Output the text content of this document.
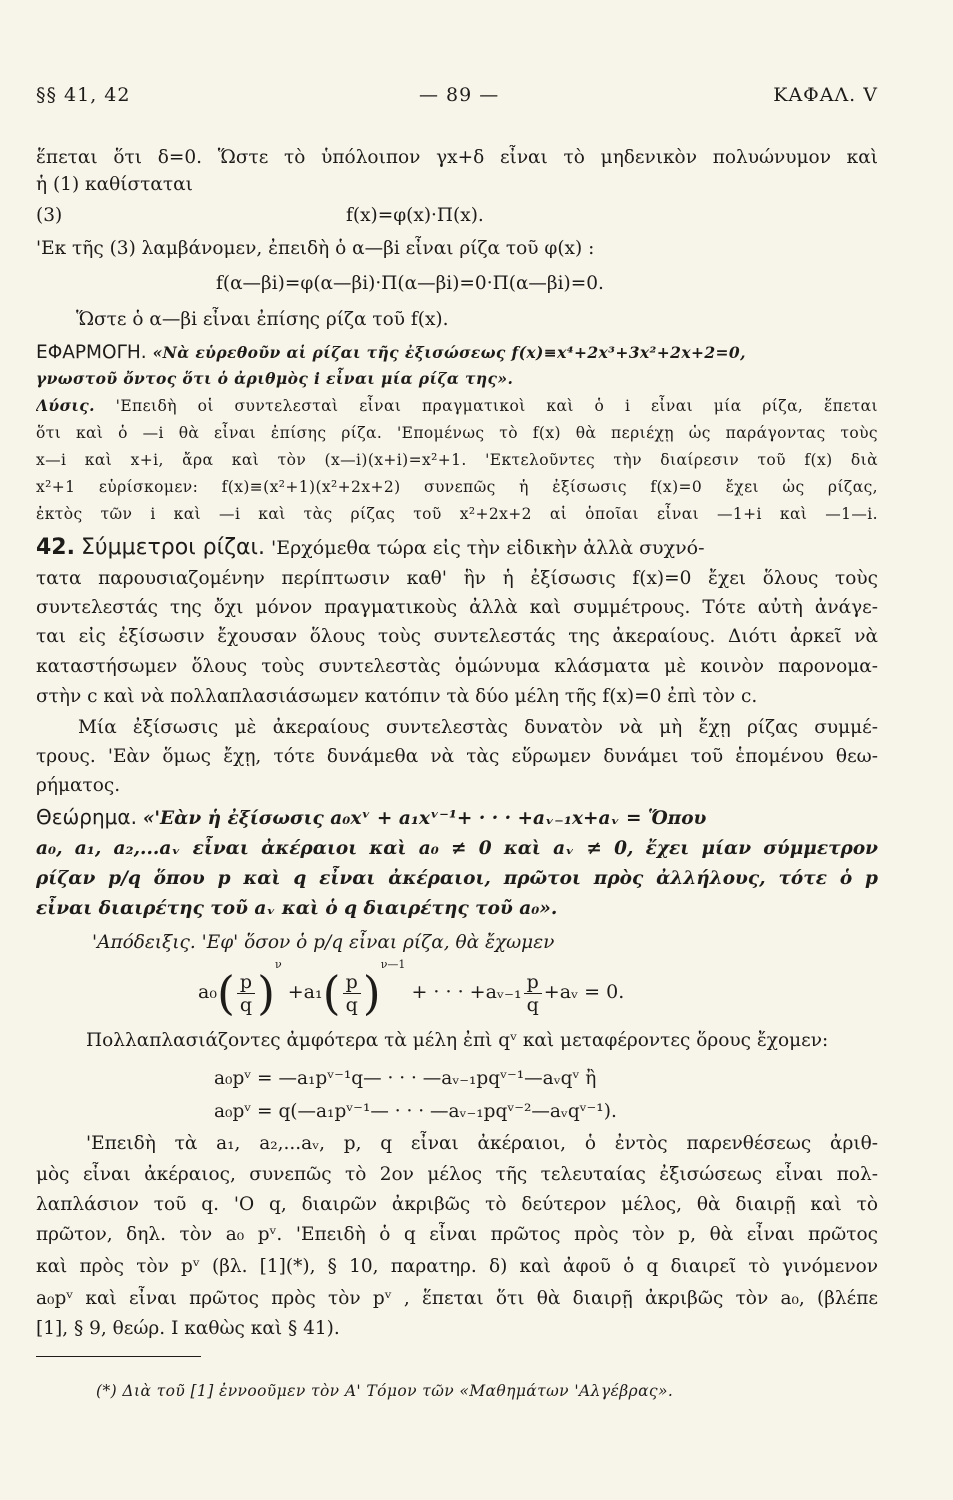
§§ 41, 42	— 89 —	ΚΑΦΑΛ. V
ἕπεται ὅτι δ=0. Ὥστε τὸ ὑπόλοιπον γx+δ εἶναι τὸ μηδενικὸν πολυώνυμον καὶ
ἡ (1) καθίσταται
(3)	f(x)=φ(x)·Π(x).
'Εκ τῆς (3) λαμβάνομεν, ἐπειδὴ ὁ α—βi εἶναι ρίζα τοῦ φ(x) :
f(α—βi)=φ(α—βi)·Π(α—βi)=0·Π(α—βi)=0.
Ὥστε ὁ α—βi εἶναι ἐπίσης ρίζα τοῦ f(x).
ΕΦΑΡΜΟΓΗ. «Νὰ εὑρεθοῦν αἱ ρίζαι τῆς ἐξισώσεως f(x)≡x⁴+2x³+3x²+2x+2=0,
γνωστοῦ ὄντος ὅτι ὁ ἀριθμὸς i εἶναι μία ρίζα της».
Λύσις. 'Επειδὴ οἱ συντελεσταὶ εἶναι πραγματικοὶ καὶ ὁ i εἶναι μία ρίζα, ἕπεται
ὅτι καὶ ὁ —i θὰ εἶναι ἐπίσης ρίζα. 'Επομένως τὸ f(x) θὰ περιέχῃ ὡς παράγοντας τοὺς
x—i καὶ x+i, ἄρα καὶ τὸν (x—i)(x+i)=x²+1. 'Εκτελοῦντες τὴν διαίρεσιν τοῦ f(x) διὰ
x²+1 εὑρίσκομεν: f(x)≡(x²+1)(x²+2x+2) συνεπῶς ἡ ἐξίσωσις f(x)=0 ἔχει ὡς ρίζας,
ἐκτὸς τῶν i καὶ —i καὶ τὰς ρίζας τοῦ x²+2x+2 αἱ ὁποῖαι εἶναι —1+i καὶ —1—i.
42. Σύμμετροι ρίζαι. 'Ερχόμεθα τώρα εἰς τὴν εἰδικὴν ἀλλὰ συχνό-
τατα παρουσιαζομένην περίπτωσιν καθ' ἣν ἡ ἐξίσωσις f(x)=0 ἔχει ὅλους τοὺς
συντελεστάς της ὄχι μόνον πραγματικοὺς ἀλλὰ καὶ συμμέτρους. Τότε αὐτὴ ἀνάγε-
ται εἰς ἐξίσωσιν ἔχουσαν ὅλους τοὺς συντελεστάς της ἀκεραίους. Διότι ἀρκεῖ νὰ
καταστήσωμεν ὅλους τοὺς συντελεστὰς ὁμώνυμα κλάσματα μὲ κοινὸν παρονομα-
στὴν c καὶ νὰ πολλαπλασιάσωμεν κατόπιν τὰ δύο μέλη τῆς f(x)=0 ἐπὶ τὸν c.
Μία ἐξίσωσις μὲ ἀκεραίους συντελεστὰς δυνατὸν νὰ μὴ ἔχῃ ρίζας συμμέ-
τρους. 'Εὰν ὅμως ἔχῃ, τότε δυνάμεθα νὰ τὰς εὕρωμεν δυνάμει τοῦ ἑπομένου θεω-
ρήματος.
Θεώρημα. «'Εὰν ἡ ἐξίσωσις a₀xᵛ + a₁xᵛ⁻¹+ · · · +aᵥ₋₁x+aᵥ = Ὅπου
a₀, a₁, a₂,...aᵥ εἶναι ἀκέραιοι καὶ a₀ ≠ 0 καὶ aᵥ ≠ 0, ἔχει μίαν σύμμετρον
ρίζαν p/q ὅπου p καὶ q εἶναι ἀκέραιοι, πρῶτοι πρὸς ἀλλήλους, τότε ὁ p
εἶναι διαιρέτης τοῦ aᵥ καὶ ὁ q διαιρέτης τοῦ a₀».
'Απόδειξις. 'Εφ' ὅσον ὁ p/q εἶναι ρίζα, θὰ ἔχωμεν
$a_0( \frac{p}{q} )^\nu +a_1( \frac{p}{q} )^{\nu—1}$ + · · · +aᵥ₋₁ $\frac{p}{q}$ +aᵥ = 0.
Πολλαπλασιάζοντες ἀμφότερα τὰ μέλη ἐπὶ qᵛ καὶ μεταφέροντες ὅρους ἔχομεν:
a₀pᵛ = —a₁pᵛ⁻¹q— · · · —aᵥ₋₁pqᵛ⁻¹—aᵥqᵛ ἢ
a₀pᵛ = q(—a₁pᵛ⁻¹— · · · —aᵥ₋₁pqᵛ⁻²—aᵥqᵛ⁻¹).
'Επειδὴ τὰ a₁, a₂,...aᵥ, p, q εἶναι ἀκέραιοι, ὁ ἐντὸς παρενθέσεως ἀριθ-
μὸς εἶναι ἀκέραιος, συνεπῶς τὸ 2ον μέλος τῆς τελευταίας ἐξισώσεως εἶναι πολ-
λαπλάσιον τοῦ q. 'Ο q, διαιρῶν ἀκριβῶς τὸ δεύτερον μέλος, θὰ διαιρῇ καὶ τὸ
πρῶτον, δηλ. τὸν a₀ pᵛ. 'Επειδὴ ὁ q εἶναι πρῶτος πρὸς τὸν p, θὰ εἶναι πρῶτος
καὶ πρὸς τὸν pᵛ (βλ. [1](*), § 10, παρατηρ. δ) καὶ ἀφοῦ ὁ q διαιρεῖ τὸ γινόμενον
a₀pᵛ καὶ εἶναι πρῶτος πρὸς τὸν pᵛ , ἕπεται ὅτι θὰ διαιρῇ ἀκριβῶς τὸν a₀, (βλέπε
[1], § 9, θεώρ. I καθὼς καὶ § 41).
(*) Διὰ τοῦ [1] ἐννοοῦμεν τὸν Α' Τόμον τῶν «Μαθημάτων 'Αλγέβρας».
